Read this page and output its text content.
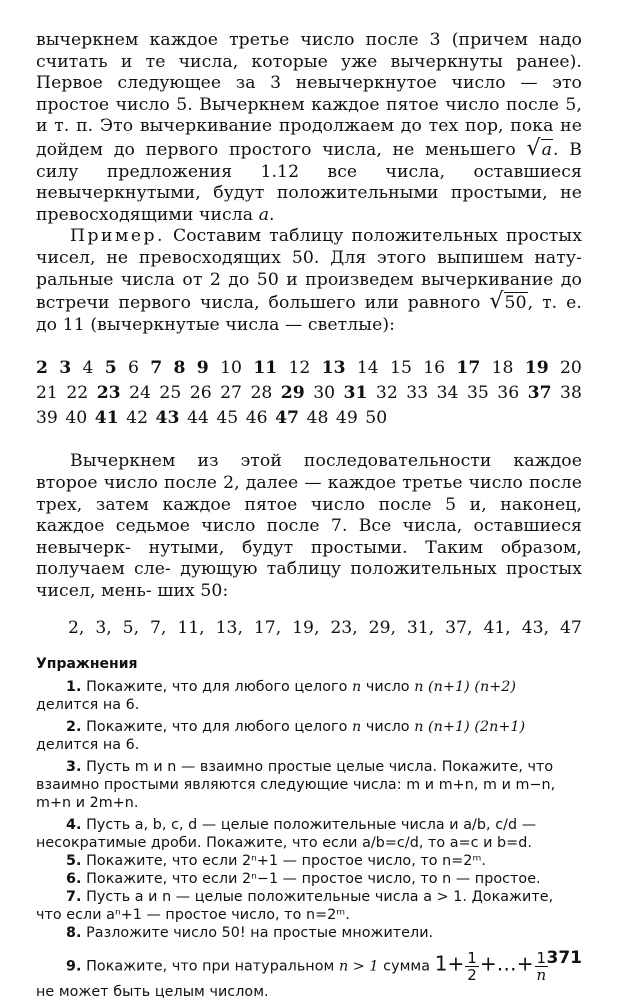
вычеркнем каждое третье число после 3 (причем надо считать и те числа, которые уже вычеркнуты ранее). Первое следующее за 3 невычеркнутое число — это простое число 5. Вычеркнем каждое пятое число после 5, и т. п. Это вычеркивание продолжаем до тех пор, пока не дойдем до первого простого числа, не меньшего √a. В силу предложения 1.12 все числа, оставшиеся невычеркнутыми, будут положительными простыми, не превосходящими числа a.

Пример. Составим таблицу положительных простых чисел, не превосходящих 50. Для этого выпишем нату- ральные числа от 2 до 50 и произведем вычеркивание до встречи первого числа, большего или равного √50, т. е. до 11 (вычеркнутые числа — светлые):

2 3 4 5 6 7 8 9 10 11 12 13 14 15 16 17 18 19 20
21 22 23 24 25 26 27 28 29 30 31 32 33 34 35 36 37 38
39 40 41 42 43 44 45 46 47 48 49 50

Вычеркнем из этой последовательности каждое второе число после 2, далее — каждое третье число после трех, затем каждое пятое число после 5 и, наконец, каждое седьмое число после 7. Все числа, оставшиеся невычерк- нутыми, будут простыми. Таким образом, получаем сле- дующую таблицу положительных простых чисел, мень- ших 50:

2, 3, 5, 7, 11, 13, 17, 19, 23, 29, 31, 37, 41, 43, 47
Упражнения

1. Покажите, что для любого целого n число n (n+1) (n+2)
делится на 6.

2. Покажите, что для любого целого n число n (n+1) (2n+1)
делится на 6.

3. Пусть m и n — взаимно простые целые числа. Покажите, что
взаимно простыми являются следующие числа: m и m+n, m и m−n,
m+n и 2m+n.

4. Пусть a, b, c, d — целые положительные числа и a/b, c/d —
несократимые дроби. Покажите, что если a/b=c/d, то a=c и b=d.

5. Покажите, что если 2ⁿ+1 — простое число, то n=2ᵐ.

6. Покажите, что если 2ⁿ−1 — простое число, то n — простое.

7. Пусть a и n — целые положительные числа a > 1. Докажите,
что если aⁿ+1 — простое число, то n=2ᵐ.

8. Разложите число 50! на простые множители.

9. Покажите, что при натуральном n > 1 сумма $1+ \frac{1}{2}$ +…+ $\frac{1}{n}$

не может быть целым числом.

371
